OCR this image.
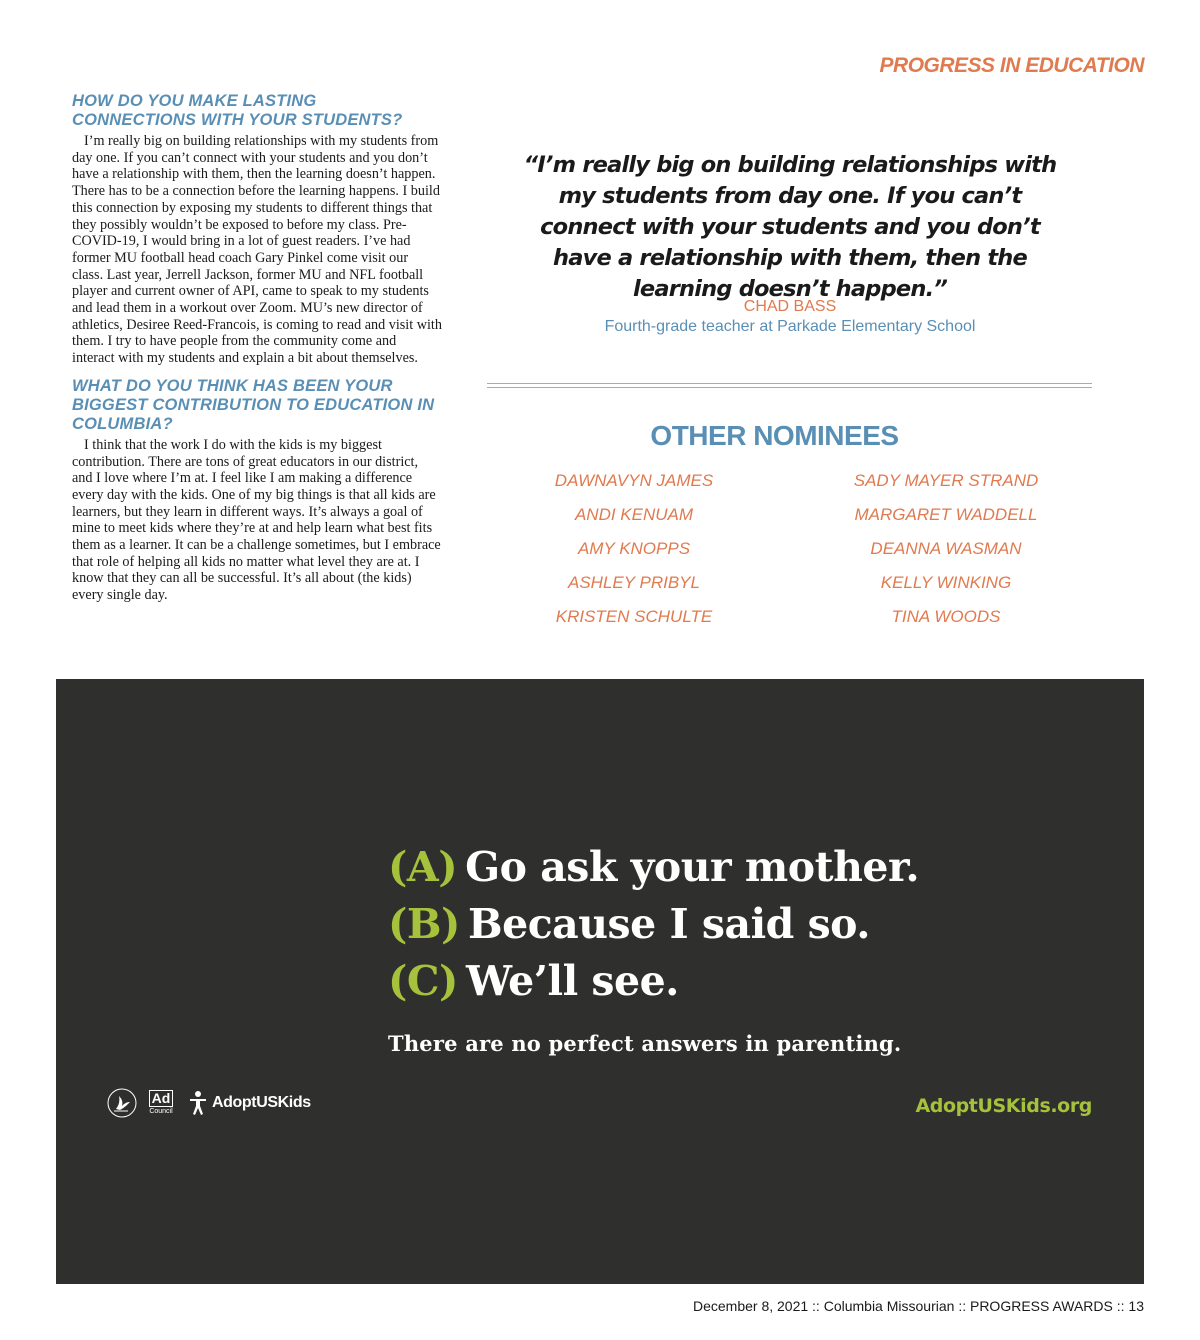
PROGRESS IN EDUCATION
HOW DO YOU MAKE LASTING CONNECTIONS WITH YOUR STUDENTS?

I’m really big on building relationships with my students from day one. If you can’t connect with your students and you don’t have a relationship with them, then the learning doesn’t happen. There has to be a connection before the learning happens. I build this connection by exposing my students to different things that they possibly wouldn’t be exposed to before my class. Pre-COVID-19, I would bring in a lot of guest readers. I’ve had former MU football head coach Gary Pinkel come visit our class. Last year, Jerrell Jackson, former MU and NFL football player and current owner of API, came to speak to my students and lead them in a workout over Zoom. MU’s new director of athletics, Desiree Reed-Francois, is coming to read and visit with them. I try to have people from the community come and interact with my students and explain a bit about themselves.

WHAT DO YOU THINK HAS BEEN YOUR BIGGEST CONTRIBUTION TO EDUCATION IN COLUMBIA?

I think that the work I do with the kids is my biggest contribution. There are tons of great educators in our district, and I love where I’m at. I feel like I am making a difference every day with the kids. One of my big things is that all kids are learners, but they learn in different ways. It’s always a goal of mine to meet kids where they’re at and help learn what best fits them as a learner. It can be a challenge sometimes, but I embrace that role of helping all kids no matter what level they are at. I know that they can all be successful. It’s all about (the kids) every single day.

“I’m really big on building relationships with my students from day one. If you can’t connect with your students and you don’t have a relationship with them, then the learning doesn’t happen.”
CHAD BASS
Fourth-grade teacher at Parkade Elementary School
OTHER NOMINEES
DAWNAVYN JAMES
ANDI KENUAM
AMY KNOPPS
ASHLEY PRIBYL
KRISTEN SCHULTE
SADY MAYER STRAND
MARGARET WADDELL
DEANNA WASMAN
KELLY WINKING
TINA WOODS
(A) Go ask your mother.
(B) Because I said so.
(C) We’ll see.
There are no perfect answers in parenting.
Ad
Council
AdoptUSKids	AdoptUSKids.org
December 8, 2021 :: Columbia Missourian :: PROGRESS AWARDS :: 13
